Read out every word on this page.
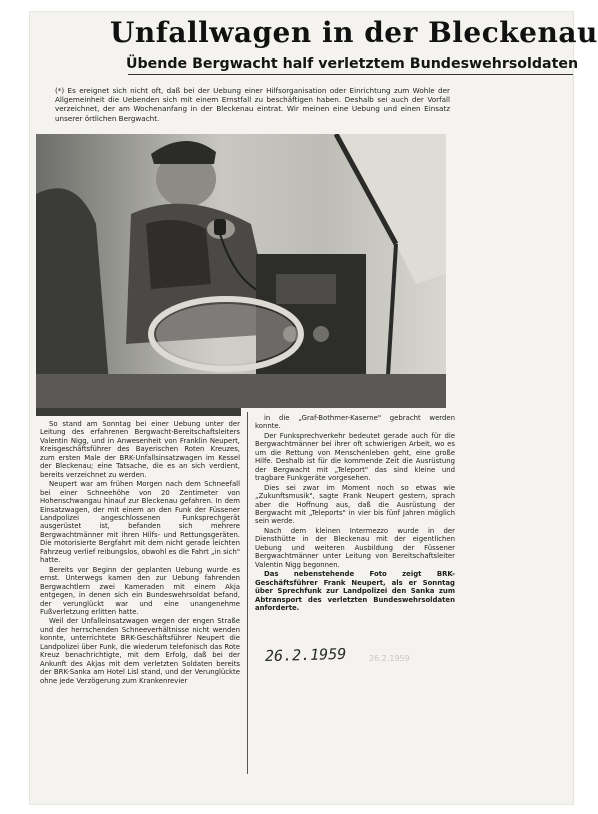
Unfallwagen in der Bleckenau
Übende Bergwacht half verletztem Bundeswehrsoldaten
(*) Es ereignet sich nicht oft, daß bei der Uebung einer Hilfsorganisation oder Einrichtung zum Wohle der Allgemeinheit die Uebenden sich mit einem Ernstfall zu beschäftigen haben. Deshalb sei auch der Vorfall verzeichnet, der am Wochenanfang in der Bleckenau eintrat. Wir meinen eine Uebung und einen Einsatz unserer örtlichen Bergwacht.

So stand am Sonntag bei einer Uebung unter der Leitung des erfahrenen Bergwacht-Bereitschaftsleiters Valentin Nigg, und in Anwesenheit von Franklin Neupert, Kreisgeschäftsführer des Bayerischen Roten Kreuzes, zum ersten Male der BRK-Unfallsinsatzwagen im Kessel der Bleckenau; eine Tatsache, die es an sich verdient, bereits verzeichnet zu werden.

Neupert war am frühen Morgen nach dem Schneefall bei einer Schneehöhe von 20 Zentimeter von Hohenschwangau hinauf zur Bleckenau gefahren. In dem Einsatzwagen, der mit einem an den Funk der Füssener Landpolizei angeschlossenen Funksprechgerät ausgerüstet ist, befanden sich mehrere Bergwachtmänner mit ihren Hilfs- und Rettungsgeräten. Die motorisierte Bergfahrt mit dem nicht gerade leichten Fahrzeug verlief reibungslos, obwohl es die Fahrt „in sich" hatte.

Bereits vor Beginn der geplanten Uebung wurde es ernst. Unterwegs kamen den zur Uebung fahrenden Bergwachtlern zwei Kameraden mit einem Akja entgegen, in denen sich ein Bundeswehrsoldat befand, der verunglückt war und eine unangenehme Fußverletzung erlitten hatte.

Weil der Unfalleinsatzwagen wegen der engen Straße und der herrschenden Schneeverhältnisse nicht wenden konnte, unterrichtete BRK-Geschäftsführer Neupert die Landpolizei über Funk, die wiederum telefonisch das Rote Kreuz benachrichtigte, mit dem Erfolg, daß bei der Ankunft des Akjas mit dem verletzten Soldaten bereits der BRK-Sanka am Hotel Lisl stand, und der Verunglückte ohne jede Verzögerung zum Krankenrevier

in die „Graf-Bothmer-Kaserne" gebracht werden konnte.

Der Funksprechverkehr bedeutet gerade auch für die Bergwachtmänner bei ihrer oft schwierigen Arbeit, wo es um die Rettung von Menschenleben geht, eine große Hilfe. Deshalb ist für die kommende Zeit die Ausrüstung der Bergwacht mit „Teleport" das sind kleine und tragbare Funkgeräte vorgesehen.

Dies sei zwar im Moment noch so etwas wie „Zukunftsmusik", sagte Frank Neupert gestern, sprach aber die Hoffnung aus, daß die Ausrüstung der Bergwacht mit „Teleports" in vier bis fünf Jahren möglich sein werde.

Nach dem kleinen Intermezzo wurde in der Diensthütte in der Bleckenau mit der eigentlichen Uebung und weiteren Ausbildung der Füssener Bergwachtmänner unter Leitung von Bereitschaftsleiter Valentin Nigg begonnen.

Das nebenstehende Foto zeigt BRK-Geschäftsführer Frank Neupert, als er Sonntag über Sprechfunk zur Landpolizei den Sanka zum Abtransport des verletzten Bundeswehrsoldaten anforderte.

26.2.1959	26.2.1959
